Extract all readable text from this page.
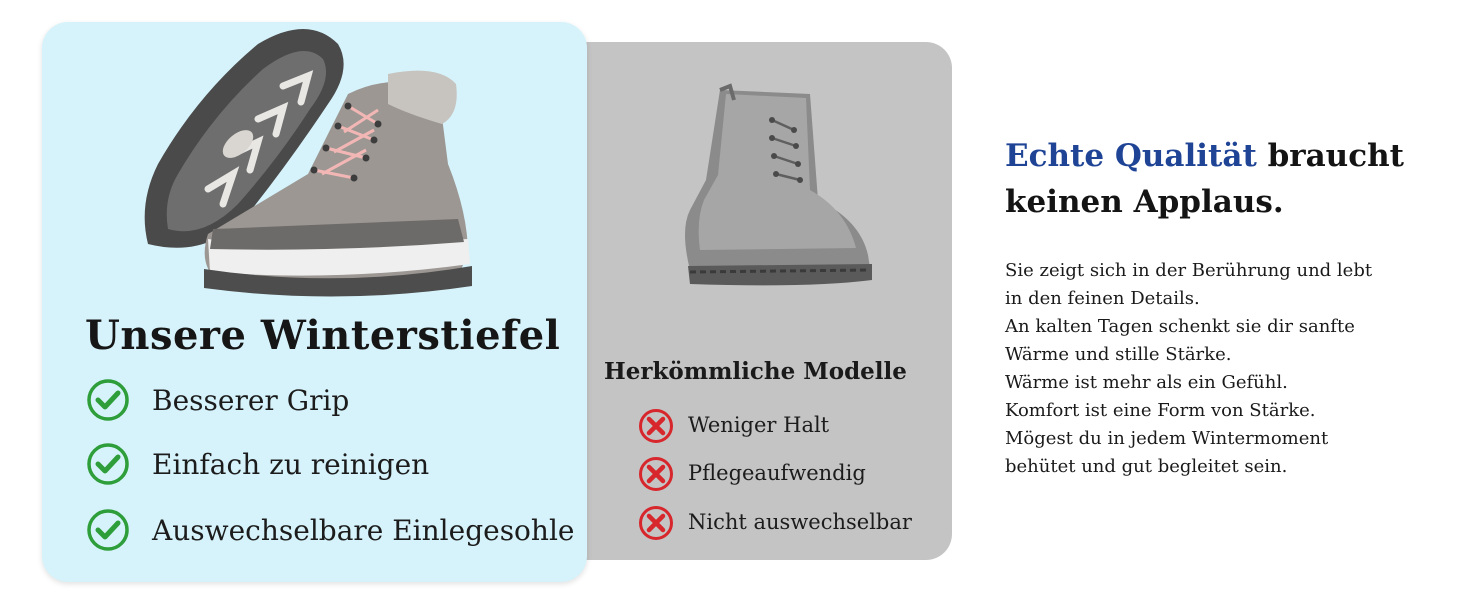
Unsere Winterstiefel
Besserer Grip
Einfach zu reinigen
Auswechselbare Einlegesohle
Herkömmliche Modelle
Weniger Halt
Pflegeaufwendig
Nicht auswechselbar
Echte Qualität braucht keinen Applaus.
Sie zeigt sich in der Berührung und lebt
in den feinen Details.
An kalten Tagen schenkt sie dir sanfte
Wärme und stille Stärke.
Wärme ist mehr als ein Gefühl.
Komfort ist eine Form von Stärke.
Mögest du in jedem Wintermoment
behütet und gut begleitet sein.
